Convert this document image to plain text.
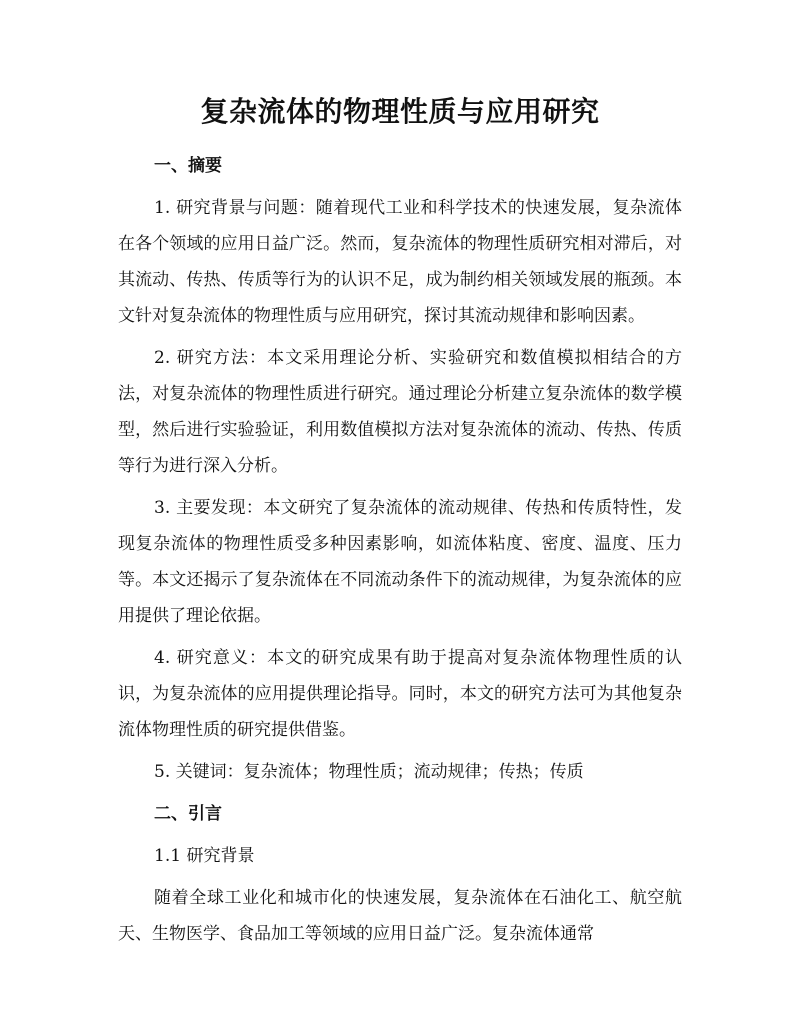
复杂流体的物理性质与应用研究
一、摘要

1. 研究背景与问题：随着现代工业和科学技术的快速发展，复杂流体在各个领域的应用日益广泛。然而，复杂流体的物理性质研究相对滞后，对其流动、传热、传质等行为的认识不足，成为制约相关领域发展的瓶颈。本文针对复杂流体的物理性质与应用研究，探讨其流动规律和影响因素。

2. 研究方法：本文采用理论分析、实验研究和数值模拟相结合的方法，对复杂流体的物理性质进行研究。通过理论分析建立复杂流体的数学模型，然后进行实验验证，利用数值模拟方法对复杂流体的流动、传热、传质等行为进行深入分析。

3. 主要发现：本文研究了复杂流体的流动规律、传热和传质特性，发现复杂流体的物理性质受多种因素影响，如流体粘度、密度、温度、压力等。本文还揭示了复杂流体在不同流动条件下的流动规律，为复杂流体的应用提供了理论依据。

4. 研究意义：本文的研究成果有助于提高对复杂流体物理性质的认识，为复杂流体的应用提供理论指导。同时，本文的研究方法可为其他复杂流体物理性质的研究提供借鉴。

5. 关键词：复杂流体；物理性质；流动规律；传热；传质

二、引言
1.1 研究背景

随着全球工业化和城市化的快速发展，复杂流体在石油化工、航空航天、生物医学、食品加工等领域的应用日益广泛。复杂流体通常
